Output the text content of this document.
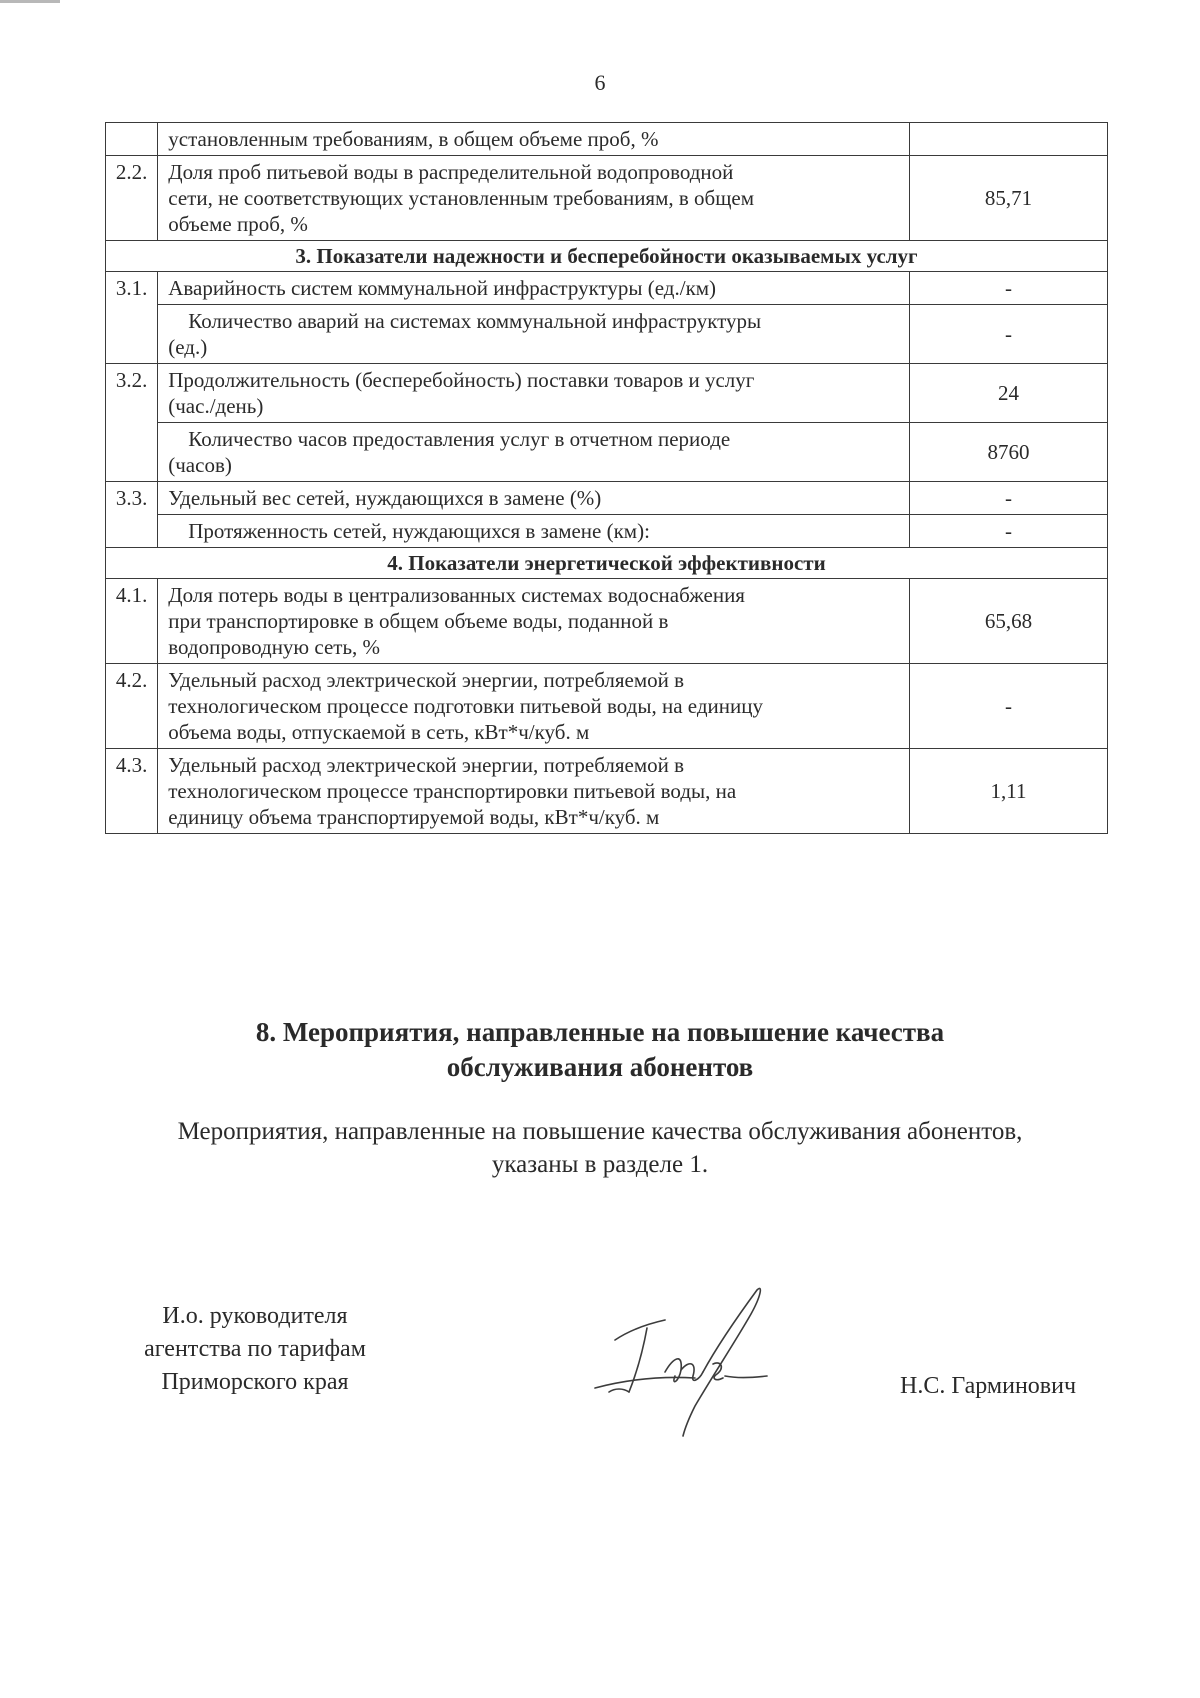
6
	установленным требованиям, в общем объеме проб, %	
2.2.	Доля проб питьевой воды в распределительной водопроводной
сети, не соответствующих установленным требованиям, в общем
объеме проб, %	85,71
3. Показатели надежности и бесперебойности оказываемых услуг		
3.1.	Аварийность систем коммунальной инфраструктуры (ед./км)	-
	Количество аварий на системах коммунальной инфраструктуры
(ед.)	-
3.2.	Продолжительность (бесперебойность) поставки товаров и услуг
(час./день)	24
	Количество часов предоставления услуг в отчетном периоде
(часов)	8760
3.3.	Удельный вес сетей, нуждающихся в замене (%)	-
	Протяженность сетей, нуждающихся в замене (км):	-
4. Показатели энергетической эффективности		
4.1.	Доля потерь воды в централизованных системах водоснабжения
при транспортировке в общем объеме воды, поданной в
водопроводную сеть, %	65,68
4.2.	Удельный расход электрической энергии, потребляемой в
технологическом процессе подготовки питьевой воды, на единицу
объема воды, отпускаемой в сеть, кВт*ч/куб. м	-
4.3.	Удельный расход электрической энергии, потребляемой в
технологическом процессе транспортировки питьевой воды, на
единицу объема транспортируемой воды, кВт*ч/куб. м	1,11
8. Мероприятия, направленные на повышение качества
обслуживания абонентов
Мероприятия, направленные на повышение качества обслуживания абонентов,
указаны в разделе 1.
И.о. руководителя
агентства по тарифам
Приморского края	Н.С. Гарминович
